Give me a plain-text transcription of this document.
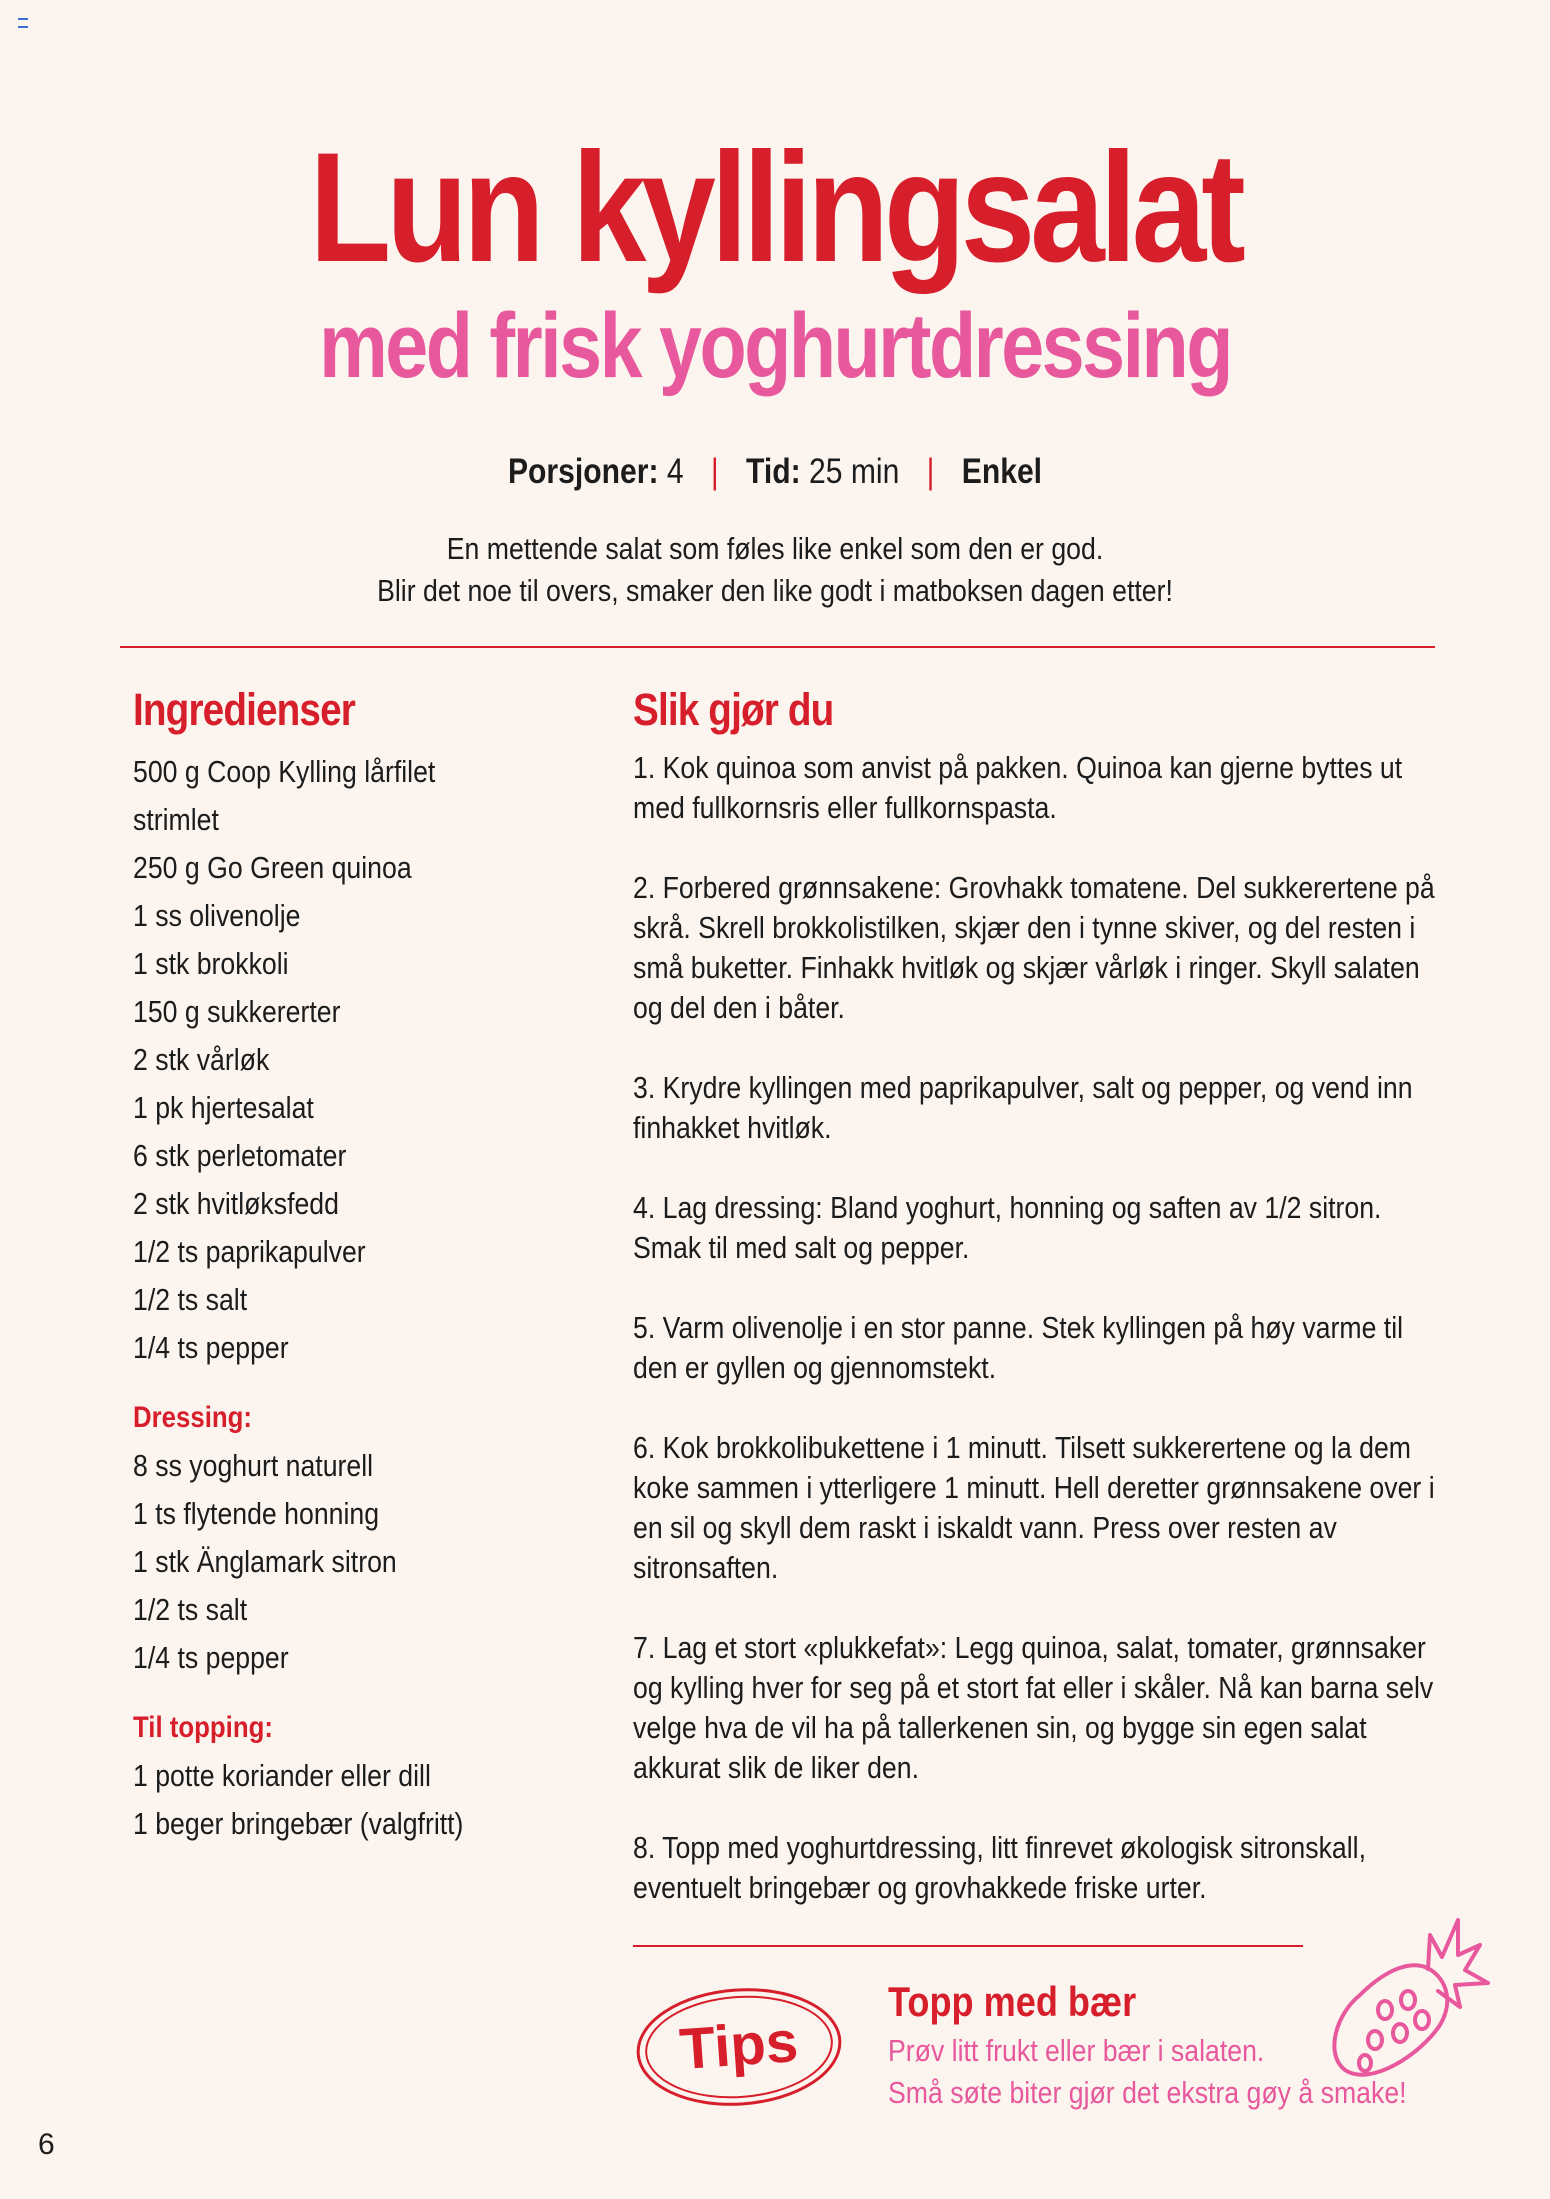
Lun kyllingsalat
med frisk yoghurtdressing
Porsjoner: 4 | Tid: 25 min | Enkel
En mettende salat som føles like enkel som den er god.
Blir det noe til overs, smaker den like godt i matboksen dagen etter!
Ingredienser
500 g Coop Kylling lårfilet
strimlet
250 g Go Green quinoa
1 ss olivenolje
1 stk brokkoli
150 g sukkererter
2 stk vårløk
1 pk hjertesalat
6 stk perletomater
2 stk hvitløksfedd
1/2 ts paprikapulver
1/2 ts salt
1/4 ts pepper
Dressing:
8 ss yoghurt naturell
1 ts flytende honning
1 stk Änglamark sitron
1/2 ts salt
1/4 ts pepper
Til topping:
1 potte koriander eller dill
1 beger bringebær (valgfritt)
Slik gjør du
1. Kok quinoa som anvist på pakken. Quinoa kan gjerne byttes ut med fullkornsris eller fullkornspasta.
2. Forbered grønnsakene: Grovhakk tomatene. Del sukkerertene på skrå. Skrell brokkolistilken, skjær den i tynne skiver, og del resten i små buketter. Finhakk hvitløk og skjær vårløk i ringer. Skyll salaten og del den i båter.
3. Krydre kyllingen med paprikapulver, salt og pepper, og vend inn finhakket hvitløk.
4. Lag dressing: Bland yoghurt, honning og saften av 1/2 sitron. Smak til med salt og pepper.
5. Varm olivenolje i en stor panne. Stek kyllingen på høy varme til den er gyllen og gjennomstekt.
6. Kok brokkolibukettene i 1 minutt. Tilsett sukkerertene og la dem koke sammen i ytterligere 1 minutt. Hell deretter grønnsakene over i en sil og skyll dem raskt i iskaldt vann. Press over resten av sitronsaften.
7. Lag et stort «plukkefat»: Legg quinoa, salat, tomater, grønnsaker og kylling hver for seg på et stort fat eller i skåler. Nå kan barna selv velge hva de vil ha på tallerkenen sin, og bygge sin egen salat akkurat slik de liker den.
8. Topp med yoghurtdressing, litt finrevet økologisk sitronskall, eventuelt bringebær og grovhakkede friske urter.
Tips
Topp med bær
Prøv litt frukt eller bær i salaten.
Små søte biter gjør det ekstra gøy å smake!
6
